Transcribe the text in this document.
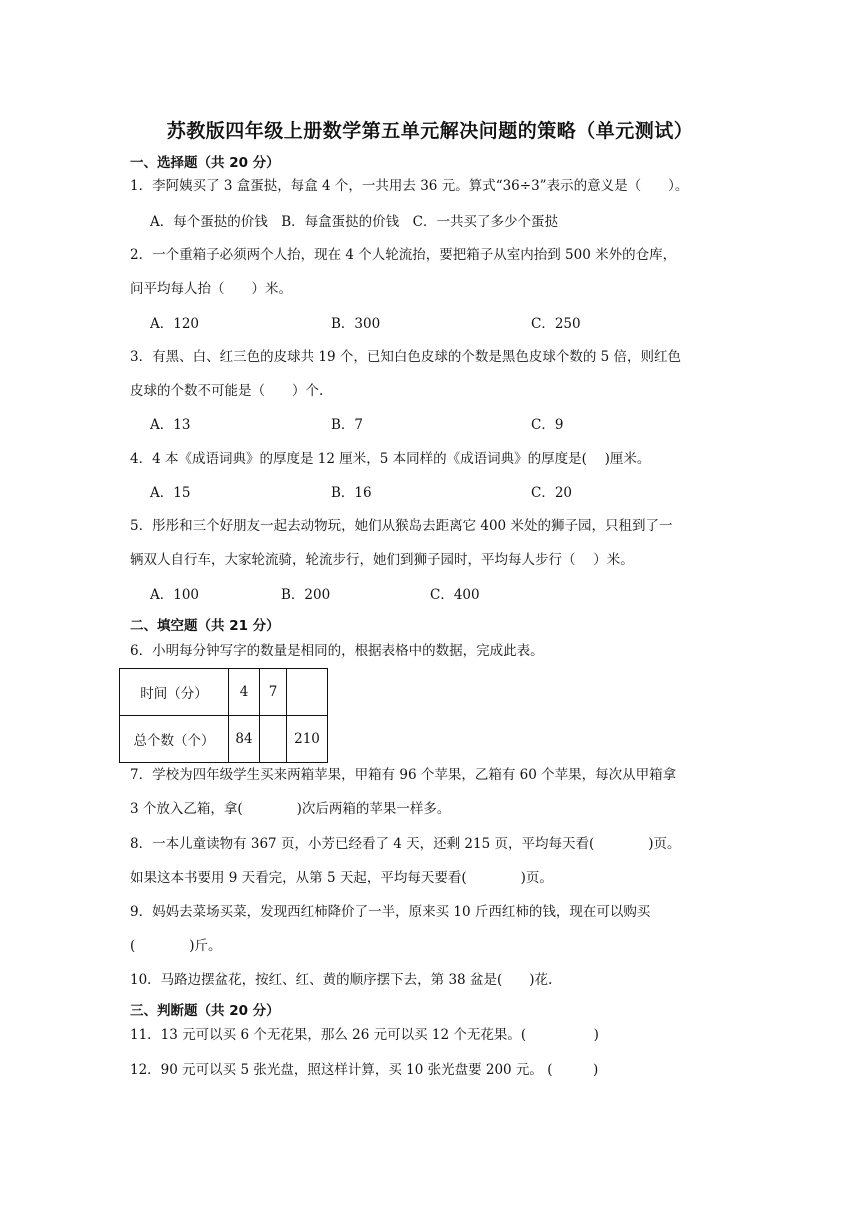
苏教版四年级上册数学第五单元解决问题的策略（单元测试）
一、选择题（共 20 分）
1．李阿姨买了 3 盒蛋挞，每盒 4 个，一共用去 36 元。算式“36÷3”表示的意义是（　　）。
A．每个蛋挞的价钱　B．每盒蛋挞的价钱　C．一共买了多少个蛋挞
2．一个重箱子必须两个人抬，现在 4 个人轮流抬，要把箱子从室内抬到 500 米外的仓库，
问平均每人抬（　　）米。
A．120	B．300	C．250
3．有黑、白、红三色的皮球共 19 个，已知白色皮球的个数是黑色皮球个数的 5 倍，则红色
皮球的个数不可能是（　　）个.
A．13	B．7	C．9
4．4 本《成语词典》的厚度是 12 厘米，5 本同样的《成语词典》的厚度是(　 )厘米。
A．15	B．16	C．20
5．彤彤和三个好朋友一起去动物玩，她们从猴岛去距离它 400 米处的狮子园，只租到了一
辆双人自行车，大家轮流骑，轮流步行，她们到狮子园时，平均每人步行（　 ）米。
A．100	B．200	C．400
二、填空题（共 21 分）
6．小明每分钟写字的数量是相同的，根据表格中的数据，完成此表。
时间（分）	4	7	
总个数（个）	84		210
7．学校为四年级学生买来两箱苹果，甲箱有 96 个苹果，乙箱有 60 个苹果，每次从甲箱拿
3 个放入乙箱，拿(　　　　)次后两箱的苹果一样多。
8．一本儿童读物有 367 页，小芳已经看了 4 天，还剩 215 页，平均每天看(　　　　)页。
如果这本书要用 9 天看完，从第 5 天起，平均每天要看(　　　　)页。
9．妈妈去菜场买菜，发现西红柿降价了一半，原来买 10 斤西红柿的钱，现在可以购买
(　　　　)斤。
10．马路边摆盆花，按红、红、黄的顺序摆下去，第 38 盆是(　　)花.
三、判断题（共 20 分）
11．13 元可以买 6 个无花果，那么 26 元可以买 12 个无花果。(　　　　　)
12．90 元可以买 5 张光盘，照这样计算，买 10 张光盘要 200 元。 (　　　)
